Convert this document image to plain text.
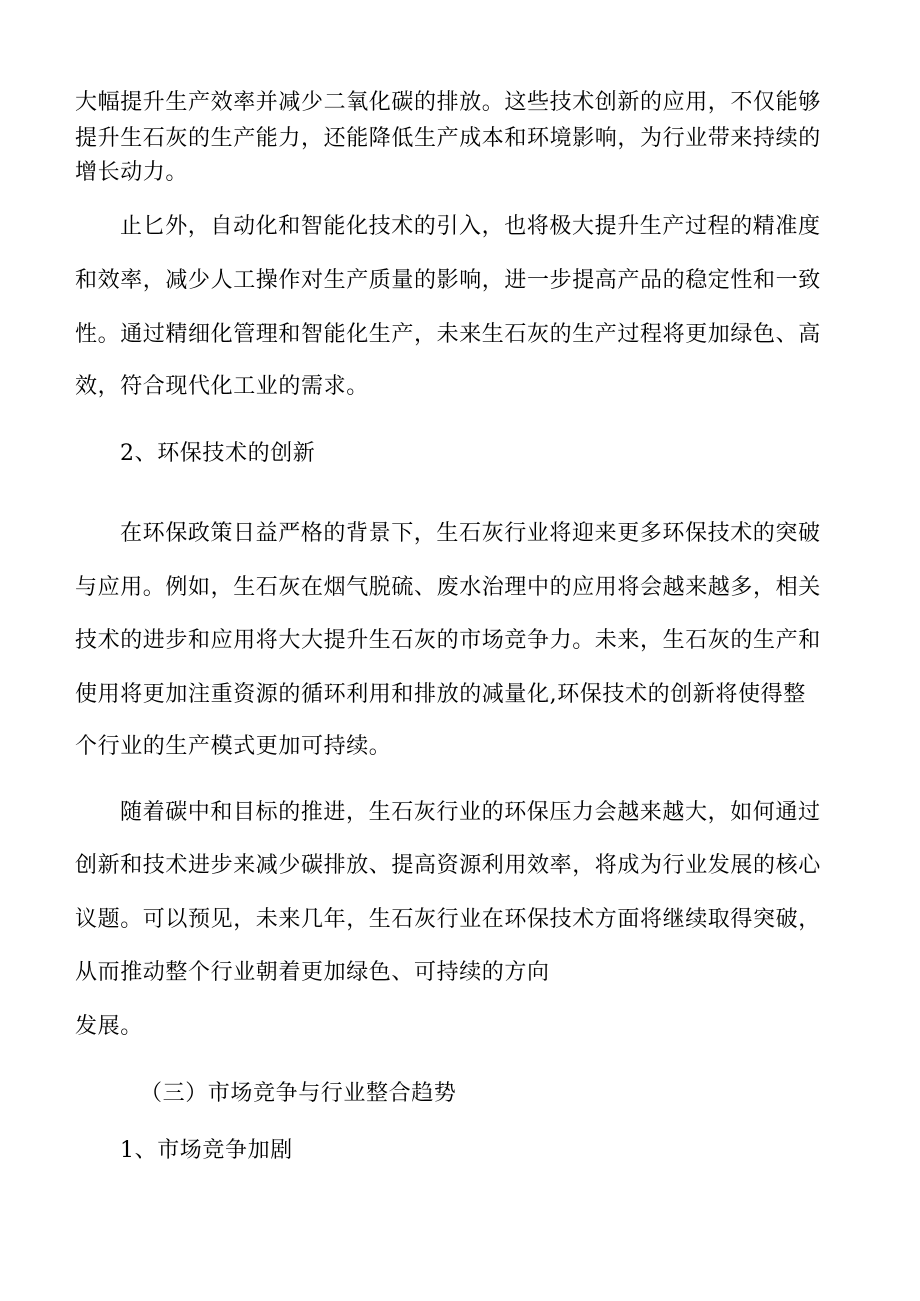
大幅提升生产效率并减少二氧化碳的排放。这些技术创新的应用，不仅能够
提升生石灰的生产能力，还能降低生产成本和环境影响，为行业带来持续的
增长动力。
止匕外，自动化和智能化技术的引入，也将极大提升生产过程的精准度
和效率，减少人工操作对生产质量的影响，进一步提高产品的稳定性和一致
性。通过精细化管理和智能化生产，未来生石灰的生产过程将更加绿色、高
效，符合现代化工业的需求。
2、环保技术的创新
在环保政策日益严格的背景下，生石灰行业将迎来更多环保技术的突破
与应用。例如，生石灰在烟气脱硫、废水治理中的应用将会越来越多，相关
技术的进步和应用将大大提升生石灰的市场竞争力。未来，生石灰的生产和
使用将更加注重资源的循环利用和排放的减量化,环保技术的创新将使得整
个行业的生产模式更加可持续。
随着碳中和目标的推进，生石灰行业的环保压力会越来越大，如何通过
创新和技术进步来减少碳排放、提高资源利用效率，将成为行业发展的核心
议题。可以预见，未来几年，生石灰行业在环保技术方面将继续取得突破，
从而推动整个行业朝着更加绿色、可持续的方向
发展。
（三）市场竞争与行业整合趋势
1、市场竞争加剧
